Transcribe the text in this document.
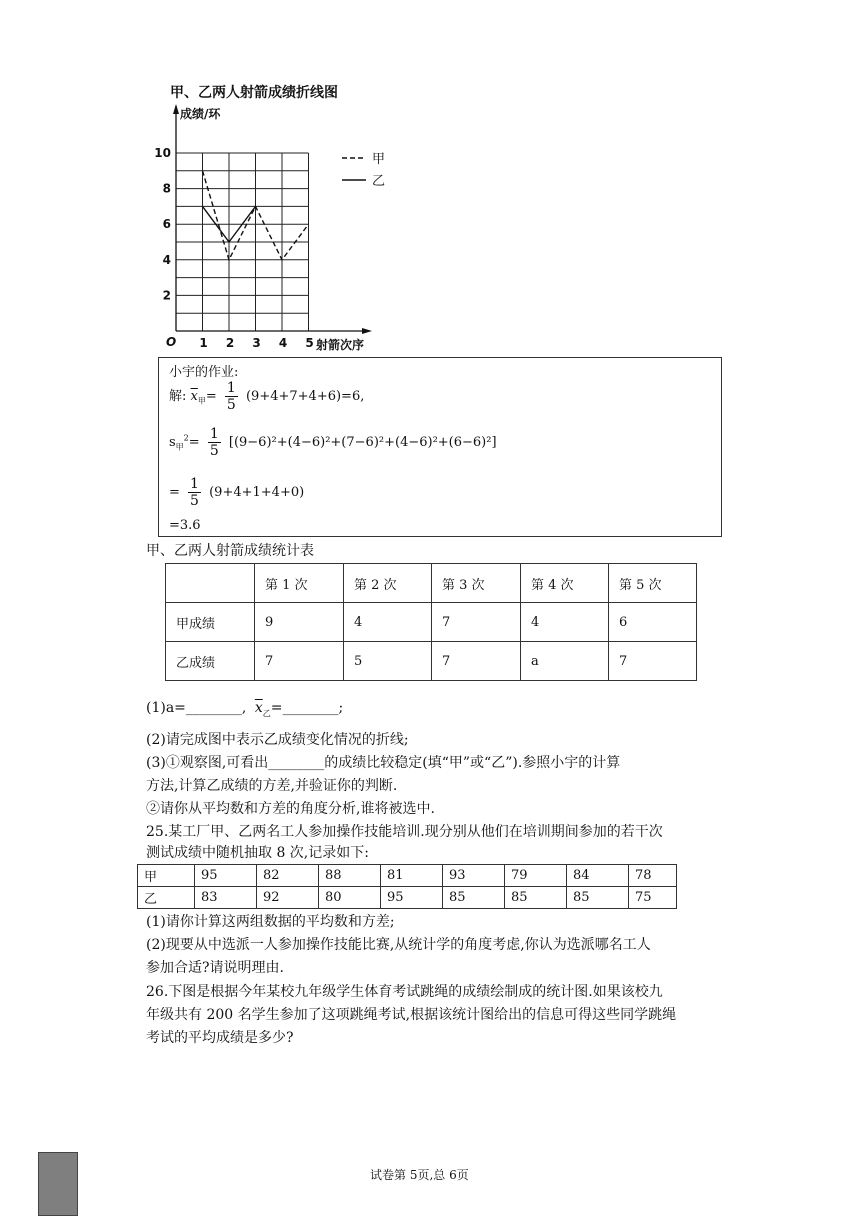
甲、乙两人射箭成绩折线图
2
4
6
8
10
1 2 3 4 5
O
成绩/环
射箭次序
甲
乙
小宇的作业:
解: $\overline{x}_甲= \frac{1}{5} (9+4+7+4+6)=6$,
$s_甲^2= \frac{1}{5} [(9-6)^2+(4-6)^2+(7-6)^2+(4-6)^2+(6-6)^2]$
= $\frac{1}{5} (9+4+1+4+0)$
=3.6
甲、乙两人射箭成绩统计表
	第 1 次	第 2 次	第 3 次	第 4 次	第 5 次
甲成绩	9	4	7	4	6
乙成绩	7	5	7	a	7
(1)a=________, $\overline{x}_乙=\_\_\_\_\_\_\_\_$;
(2)请完成图中表示乙成绩变化情况的折线;
(3)①观察图,可看出________的成绩比较稳定(填“甲”或“乙”).参照小宇的计算
方法,计算乙成绩的方差,并验证你的判断.
②请你从平均数和方差的角度分析,谁将被选中.
25.某工厂甲、乙两名工人参加操作技能培训.现分别从他们在培训期间参加的若干次
测试成绩中随机抽取 8 次,记录如下:
甲	95	82	88	81	93	79	84	78
乙	83	92	80	95	85	85	85	75
(1)请你计算这两组数据的平均数和方差;
(2)现要从中选派一人参加操作技能比赛,从统计学的角度考虑,你认为选派哪名工人
参加合适?请说明理由.
26.下图是根据今年某校九年级学生体育考试跳绳的成绩绘制成的统计图.如果该校九
年级共有 200 名学生参加了这项跳绳考试,根据该统计图给出的信息可得这些同学跳绳
考试的平均成绩是多少?
试卷第 5页,总 6页
